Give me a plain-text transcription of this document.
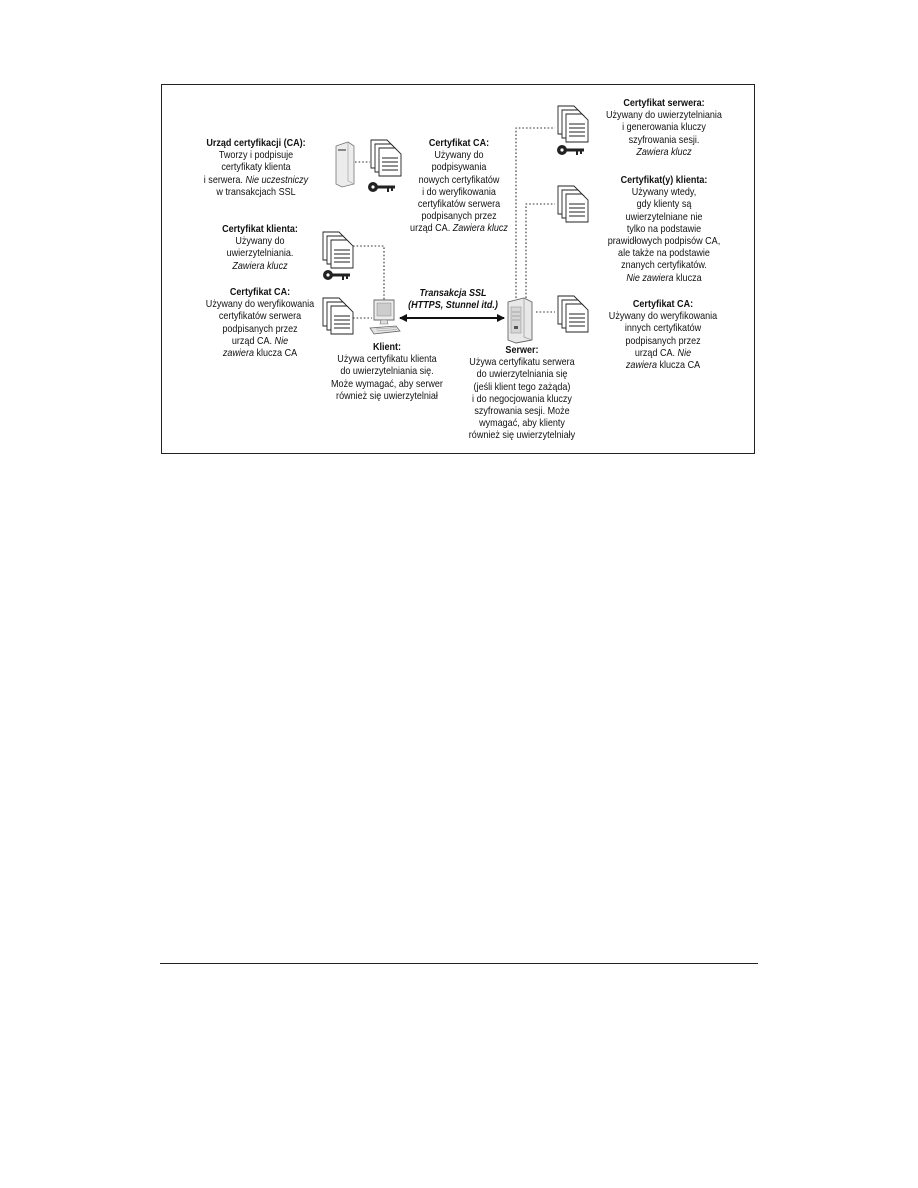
Urząd certyfikacji (CA):
Tworzy i podpisuje
certyfikaty klienta
i serwera. Nie uczestniczy
w transakcjach SSL
Certyfikat CA:
Używany do podpisywania
nowych certyfikatów
i do weryfikowania
certyfikatów serwera
podpisanych przez
urząd CA. Zawiera klucz
Certyfikat serwera:
Używany do uwierzytelniania
i generowania kluczy
szyfrowania sesji.
Zawiera klucz
Certyfikat(y) klienta:
Używany wtedy,
gdy klienty są
uwierzytelniane nie
tylko na podstawie
prawidłowych podpisów CA,
ale także na podstawie
znanych certyfikatów.
Nie zawiera klucza
Certyfikat klienta:
Używany do
uwierzytelniania.
Zawiera klucz
Certyfikat CA:
Używany do weryfikowania
certyfikatów serwera
podpisanych przez
urząd CA. Nie
zawiera klucza CA
Certyfikat CA:
Używany do weryfikowania
innych certyfikatów
podpisanych przez
urząd CA. Nie
zawiera klucza CA
Transakcja SSL
(HTTPS, Stunnel itd.)
Klient:
Używa certyfikatu klienta
do uwierzytelniania się.
Może wymagać, aby serwer
również się uwierzytelniał
Serwer:
Używa certyfikatu serwera
do uwierzytelniania się
(jeśli klient tego zażąda)
i do negocjowania kluczy
szyfrowania sesji. Może
wymagać, aby klienty
również się uwierzytelniały
